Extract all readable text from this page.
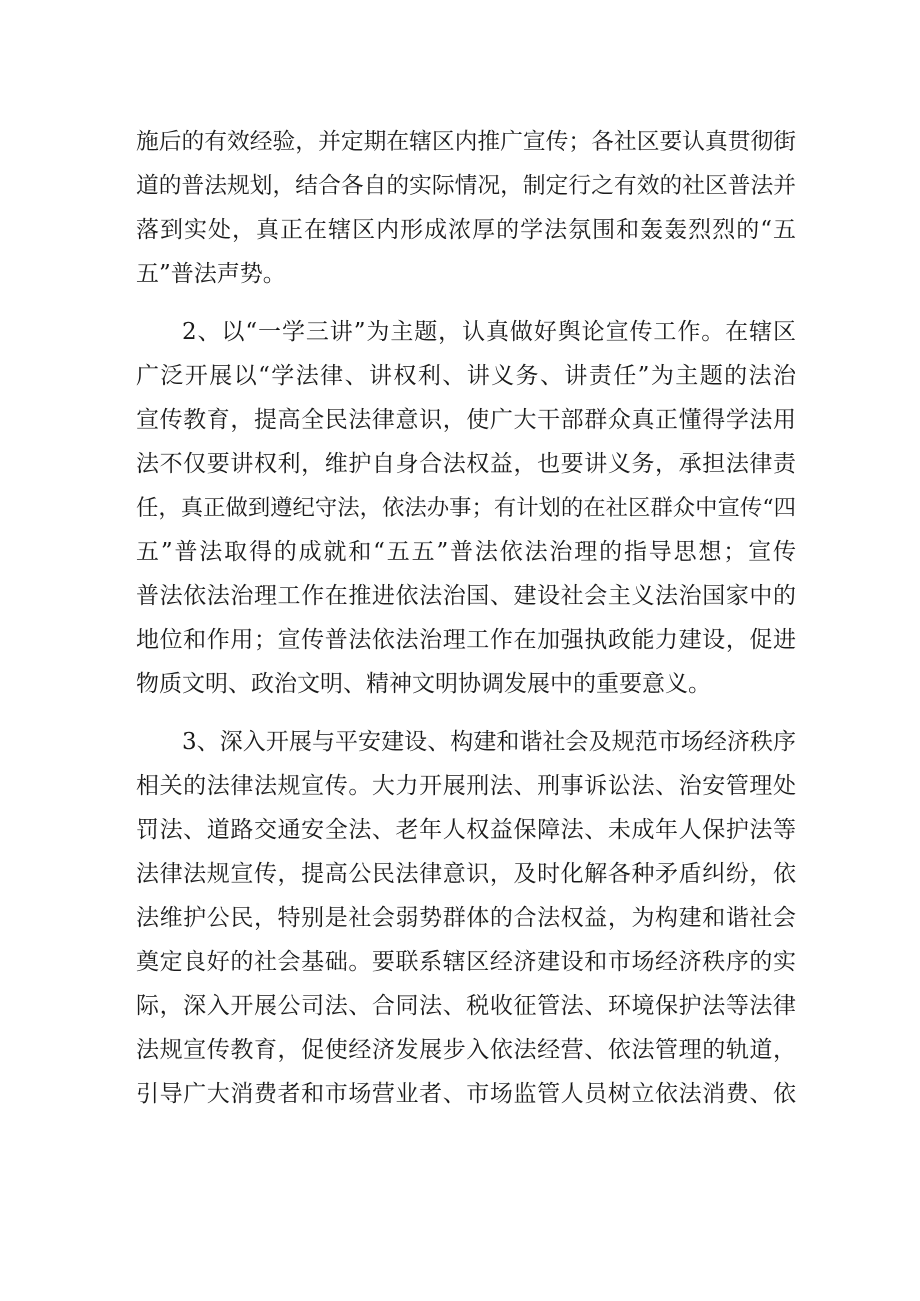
施后的有效经验，并定期在辖区内推广宣传；各社区要认真贯彻街
道的普法规划，结合各自的实际情况，制定行之有效的社区普法并
落到实处，真正在辖区内形成浓厚的学法氛围和轰轰烈烈的“五
五”普法声势。
2、以“一学三讲”为主题，认真做好舆论宣传工作。在辖区
广泛开展以“学法律、讲权利、讲义务、讲责任”为主题的法治
宣传教育，提高全民法律意识，使广大干部群众真正懂得学法用
法不仅要讲权利，维护自身合法权益，也要讲义务，承担法律责
任，真正做到遵纪守法，依法办事；有计划的在社区群众中宣传“四
五”普法取得的成就和“五五”普法依法治理的指导思想；宣传
普法依法治理工作在推进依法治国、建设社会主义法治国家中的
地位和作用；宣传普法依法治理工作在加强执政能力建设，促进
物质文明、政治文明、精神文明协调发展中的重要意义。
3、深入开展与平安建设、构建和谐社会及规范市场经济秩序
相关的法律法规宣传。大力开展刑法、刑事诉讼法、治安管理处
罚法、道路交通安全法、老年人权益保障法、未成年人保护法等
法律法规宣传，提高公民法律意识，及时化解各种矛盾纠纷，依
法维护公民，特别是社会弱势群体的合法权益，为构建和谐社会
奠定良好的社会基础。要联系辖区经济建设和市场经济秩序的实
际，深入开展公司法、合同法、税收征管法、环境保护法等法律
法规宣传教育，促使经济发展步入依法经营、依法管理的轨道，
引导广大消费者和市场营业者、市场监管人员树立依法消费、依
